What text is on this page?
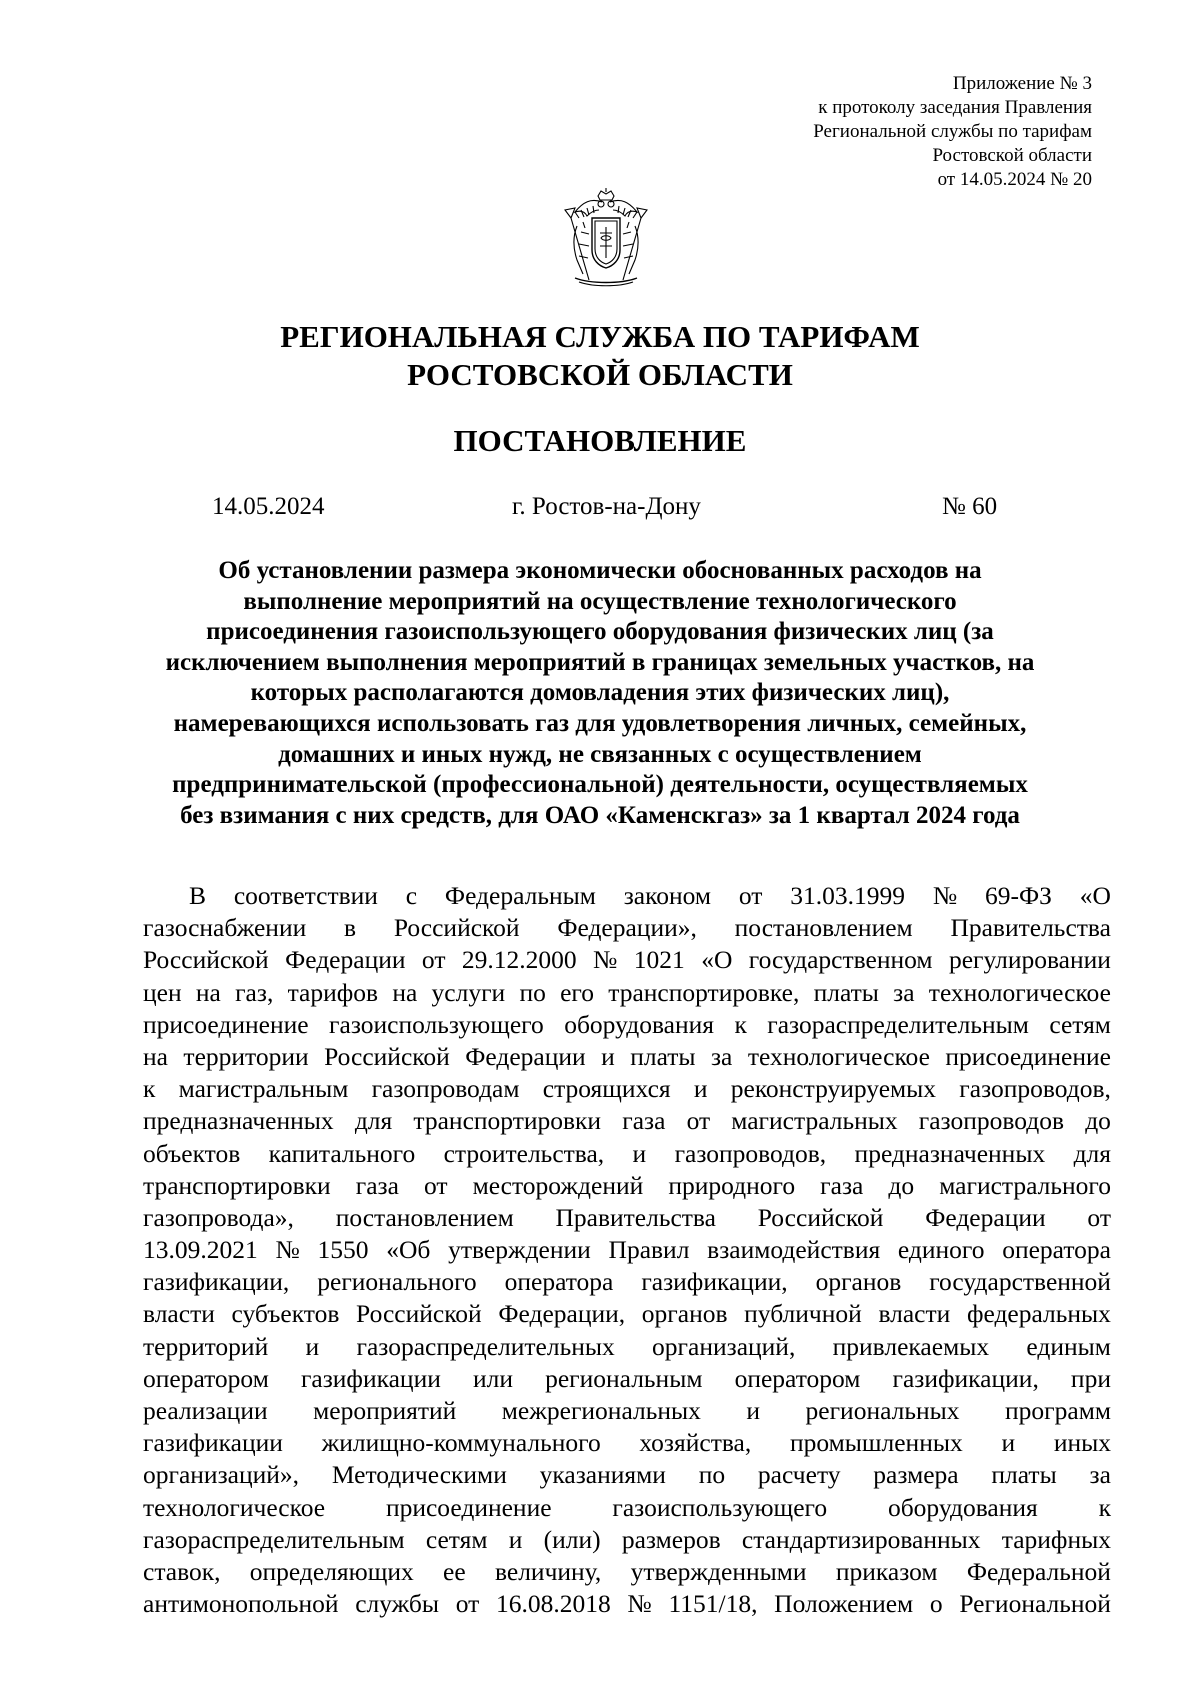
Приложение № 3
к протоколу заседания Правления
Региональной службы по тарифам
Ростовской области
от 14.05.2024 № 20
РЕГИОНАЛЬНАЯ СЛУЖБА ПО ТАРИФАМ
РОСТОВСКОЙ ОБЛАСТИ
ПОСТАНОВЛЕНИЕ
14.05.2024	г. Ростов-на-Дону	№ 60
Об установлении размера экономически обоснованных расходов на
выполнение мероприятий на осуществление технологического
присоединения газоиспользующего оборудования физических лиц (за
исключением выполнения мероприятий в границах земельных участков, на
которых располагаются домовладения этих физических лиц),
намеревающихся использовать газ для удовлетворения личных, семейных,
домашних и иных нужд, не связанных с осуществлением
предпринимательской (профессиональной) деятельности, осуществляемых
без взимания с них средств, для ОАО «Каменскгаз» за 1 квартал 2024 года
В соответствии с Федеральным законом от 31.03.1999 № 69-ФЗ «О
газоснабжении в Российской Федерации», постановлением Правительства
Российской Федерации от 29.12.2000 № 1021 «О государственном регулировании
цен на газ, тарифов на услуги по его транспортировке, платы за технологическое
присоединение газоиспользующего оборудования к газораспределительным сетям
на территории Российской Федерации и платы за технологическое присоединение
к магистральным газопроводам строящихся и реконструируемых газопроводов,
предназначенных для транспортировки газа от магистральных газопроводов до
объектов капитального строительства, и газопроводов, предназначенных для
транспортировки газа от месторождений природного газа до магистрального
газопровода», постановлением Правительства Российской Федерации от
13.09.2021 № 1550 «Об утверждении Правил взаимодействия единого оператора
газификации, регионального оператора газификации, органов государственной
власти субъектов Российской Федерации, органов публичной власти федеральных
территорий и газораспределительных организаций, привлекаемых единым
оператором газификации или региональным оператором газификации, при
реализации мероприятий межрегиональных и региональных программ
газификации жилищно-коммунального хозяйства, промышленных и иных
организаций», Методическими указаниями по расчету размера платы за
технологическое присоединение газоиспользующего оборудования к
газораспределительным сетям и (или) размеров стандартизированных тарифных
ставок, определяющих ее величину, утвержденными приказом Федеральной
антимонопольной службы от 16.08.2018 № 1151/18, Положением о Региональной
